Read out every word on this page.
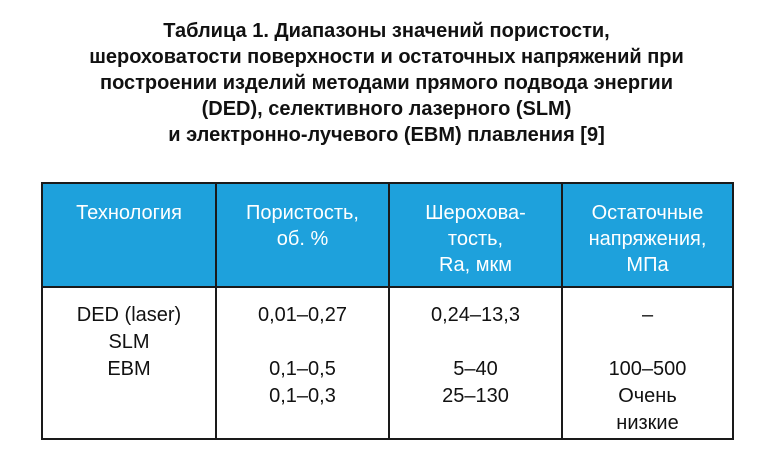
Таблица 1. Диапазоны значений пористости,
шероховатости поверхности и остаточных напряжений при
построении изделий методами прямого подвода энергии
(DED), селективного лазерного (SLM)
и электронно-лучевого (EBM) плавления [9]
Технология	Пористость,
об. %
Шерохова-
тость,
Ra, мкм
Остаточные
напряжения,
МПа
DED (laser)
SLM
EBM
0,01–0,27
0,1–0,5
0,1–0,3
0,24–13,3
5–40
25–130
–
100–500
Очень
низкие
